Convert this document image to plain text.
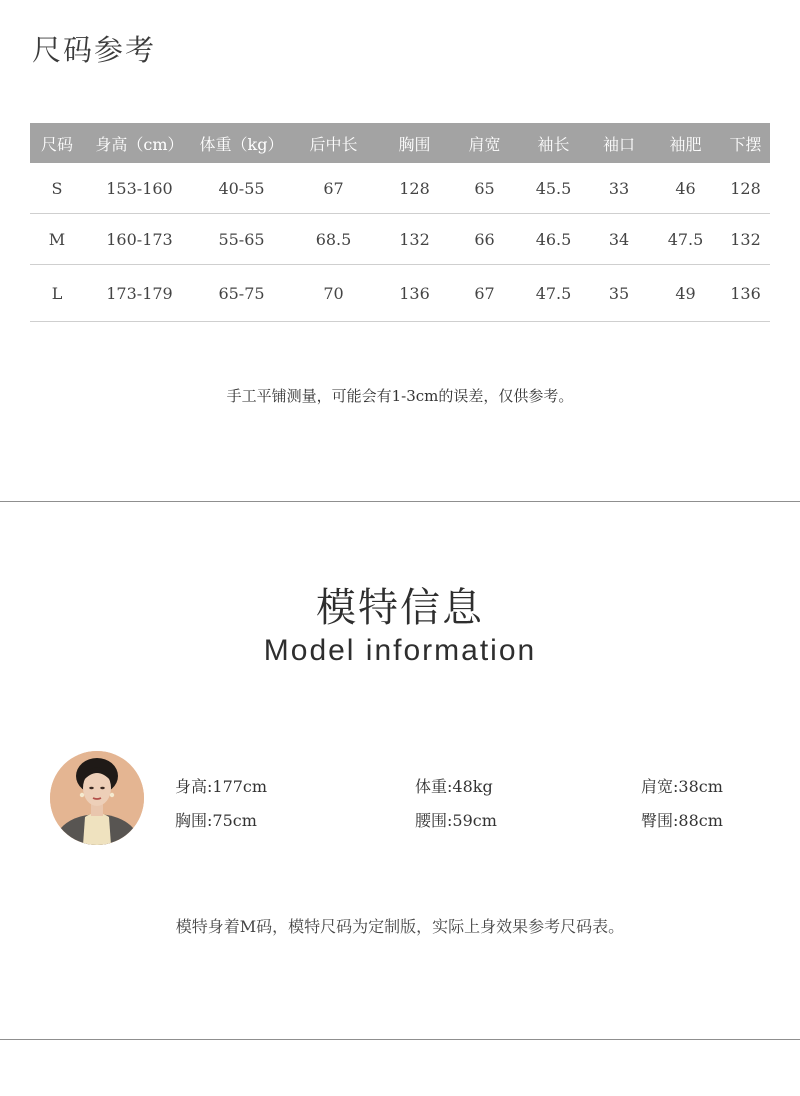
尺码参考
尺码	身高（cm）	体重（kg）	后中长	胸围	肩宽	袖长	袖口	袖肥	下摆
S	153-160	40-55	67	128	65	45.5	33	46	128
M	160-173	55-65	68.5	132	66	46.5	34	47.5	132
L	173-179	65-75	70	136	67	47.5	35	49	136
手工平铺测量，可能会有1-3cm的误差，仅供参考。
模特信息
Model information
身高:177cm	体重:48kg	肩宽:38cm
胸围:75cm	腰围:59cm	臀围:88cm
模特身着M码，模特尺码为定制版，实际上身效果参考尺码表。
